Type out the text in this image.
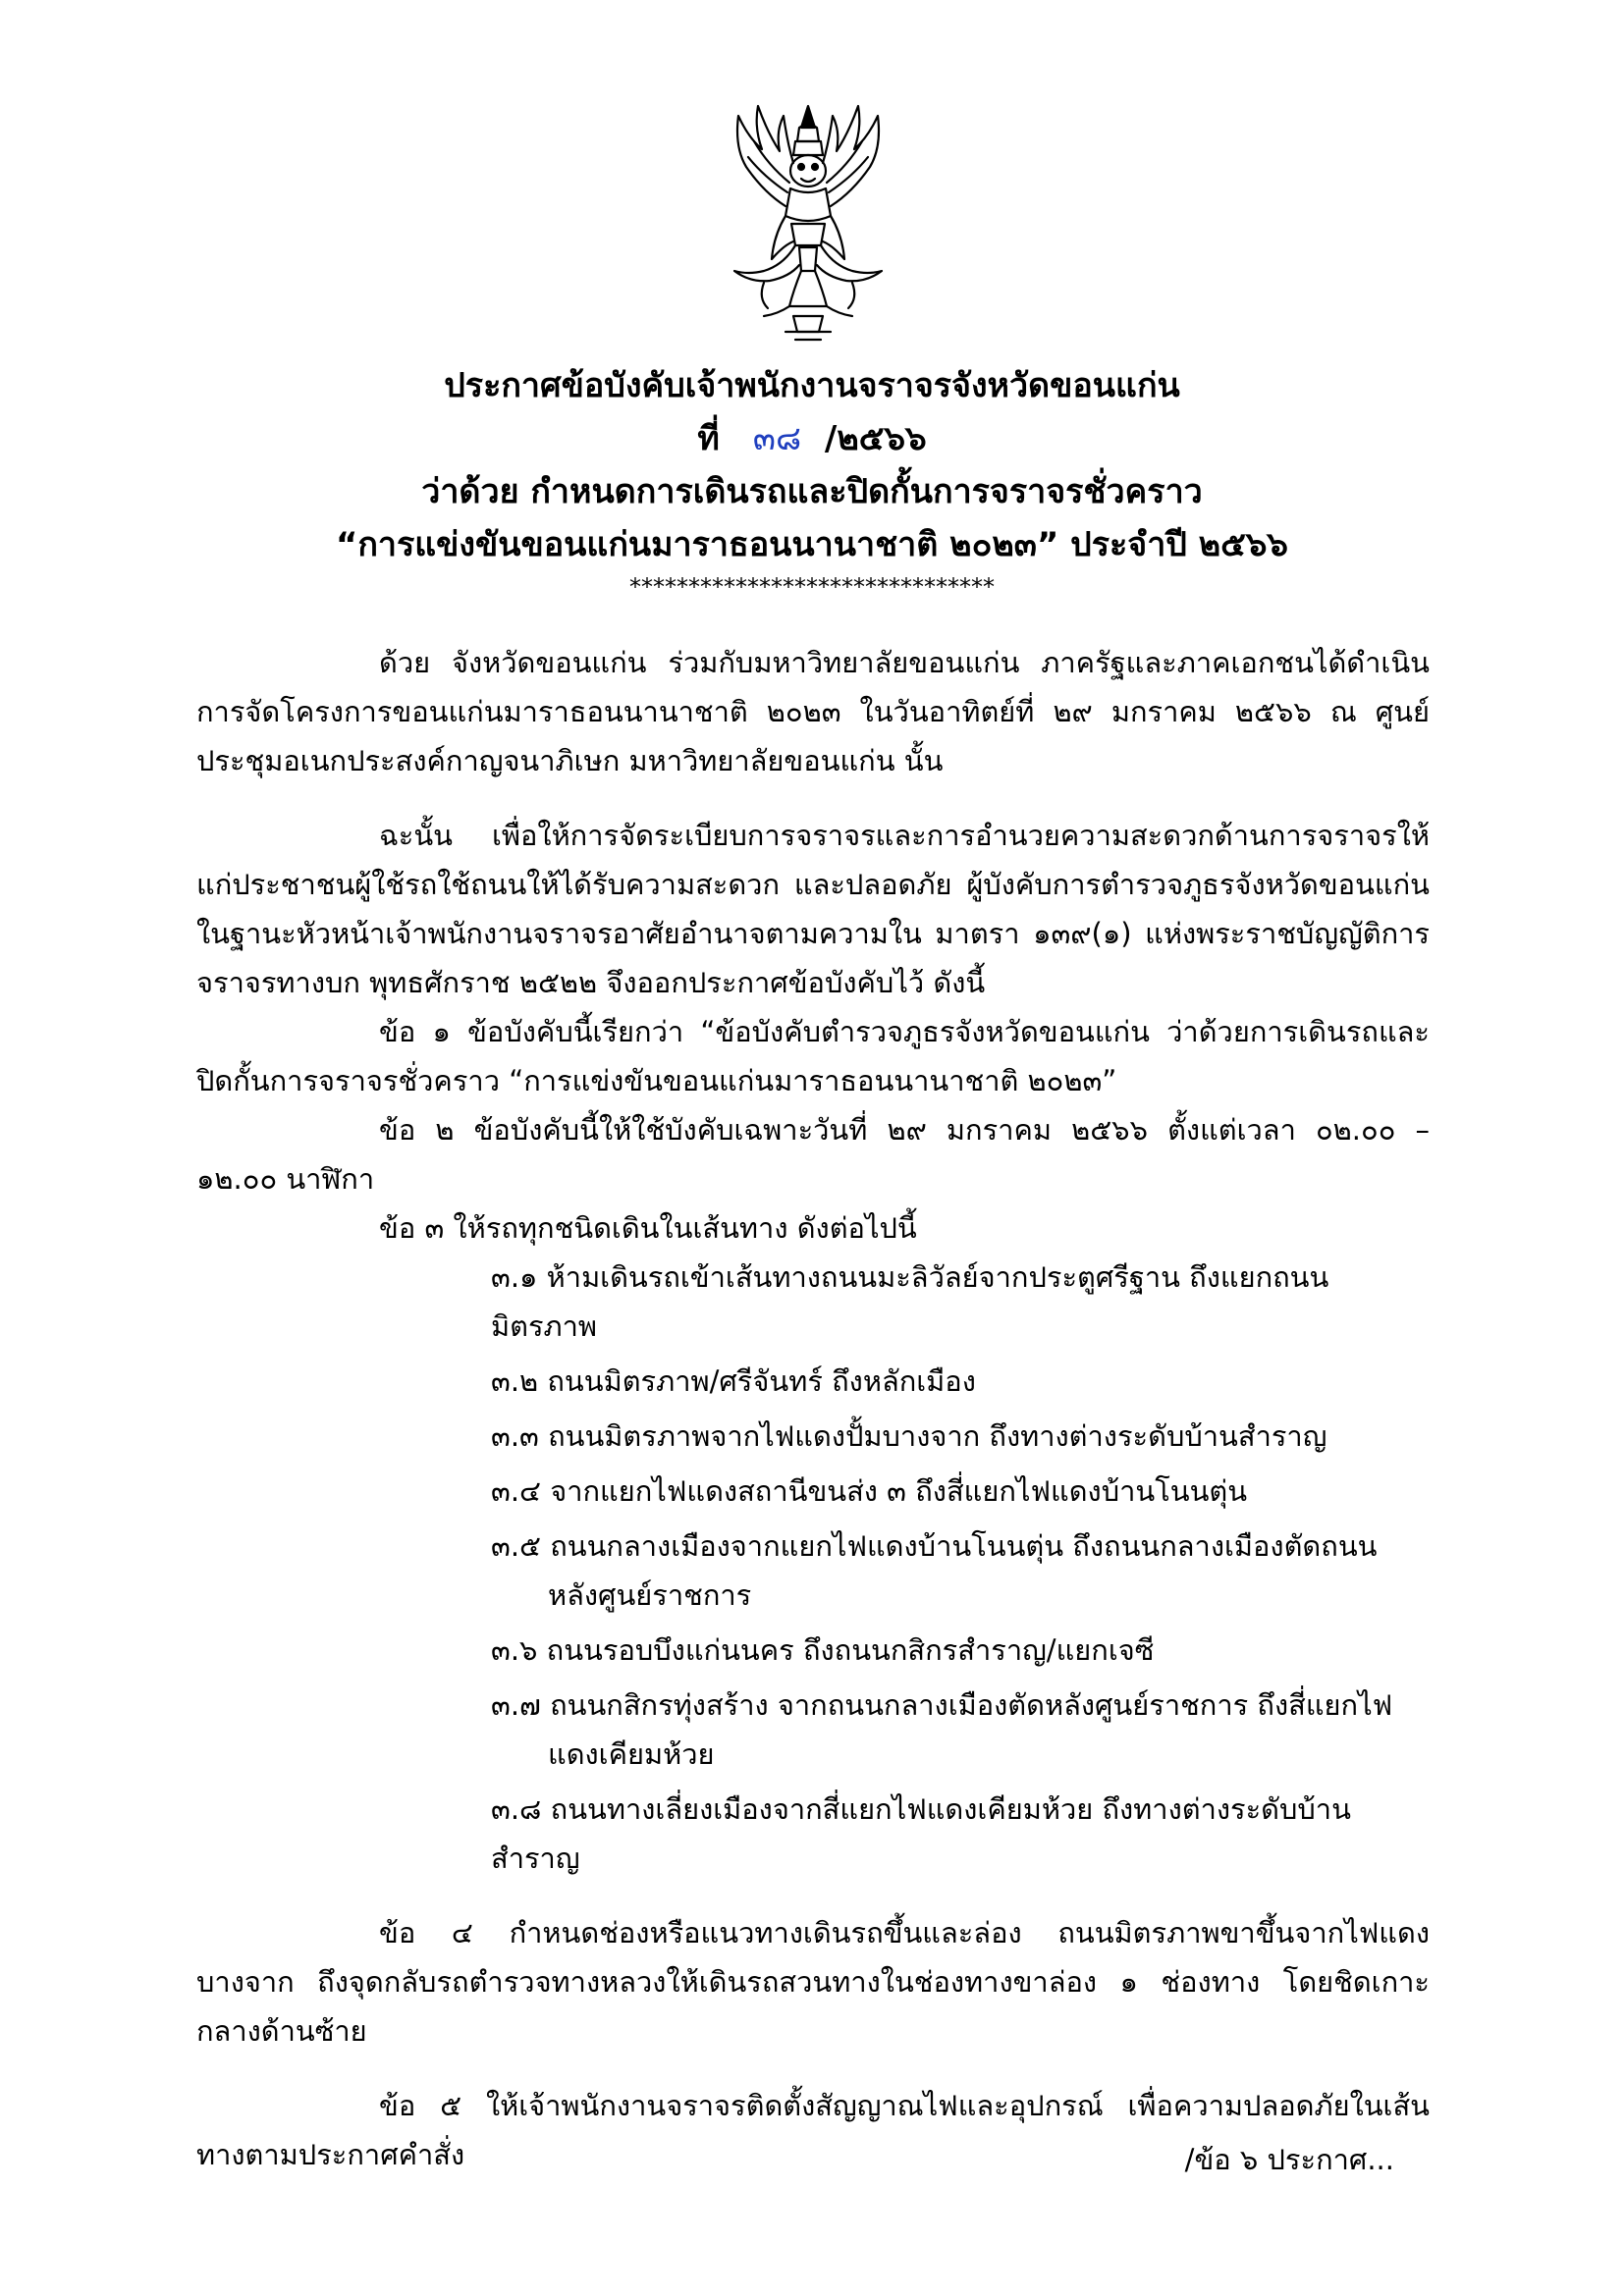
ประกาศข้อบังคับเจ้าพนักงานจราจรจังหวัดขอนแก่น
ที่ ๓๘ /๒๕๖๖
ว่าด้วย กำหนดการเดินรถและปิดกั้นการจราจรชั่วคราว
“การแข่งขันขอนแก่นมาราธอนนานาชาติ ๒๐๒๓” ประจำปี ๒๕๖๖
*******************************

ด้วย จังหวัดขอนแก่น ร่วมกับมหาวิทยาลัยขอนแก่น ภาครัฐและภาคเอกชนได้ดำเนินการจัดโครงการขอนแก่นมาราธอนนานาชาติ ๒๐๒๓ ในวันอาทิตย์ที่ ๒๙ มกราคม ๒๕๖๖ ณ ศูนย์ประชุมอเนกประสงค์กาญจนาภิเษก มหาวิทยาลัยขอนแก่น นั้น

ฉะนั้น เพื่อให้การจัดระเบียบการจราจรและการอำนวยความสะดวกด้านการจราจรให้แก่ประชาชนผู้ใช้รถใช้ถนนให้ได้รับความสะดวก และปลอดภัย ผู้บังคับการตำรวจภูธรจังหวัดขอนแก่นในฐานะหัวหน้าเจ้าพนักงานจราจรอาศัยอำนาจตามความใน มาตรา ๑๓๙(๑) แห่งพระราชบัญญัติการจราจรทางบก พุทธศักราช ๒๕๒๒ จึงออกประกาศข้อบังคับไว้ ดังนี้

ข้อ ๑ ข้อบังคับนี้เรียกว่า “ข้อบังคับตำรวจภูธรจังหวัดขอนแก่น ว่าด้วยการเดินรถและปิดกั้นการจราจรชั่วคราว “การแข่งขันขอนแก่นมาราธอนนานาชาติ ๒๐๒๓”

ข้อ ๒ ข้อบังคับนี้ให้ใช้บังคับเฉพาะวันที่ ๒๙ มกราคม ๒๕๖๖ ตั้งแต่เวลา ๐๒.๐๐ – ๑๒.๐๐ นาฬิกา

ข้อ ๓ ให้รถทุกชนิดเดินในเส้นทาง ดังต่อไปนี้

๓.๑ ห้ามเดินรถเข้าเส้นทางถนนมะลิวัลย์จากประตูศรีฐาน ถึงแยกถนนมิตรภาพ

๓.๒ ถนนมิตรภาพ/ศรีจันทร์ ถึงหลักเมือง

๓.๓ ถนนมิตรภาพจากไฟแดงปั้มบางจาก ถึงทางต่างระดับบ้านสำราญ

๓.๔ จากแยกไฟแดงสถานีขนส่ง ๓ ถึงสี่แยกไฟแดงบ้านโนนตุ่น

๓.๕ ถนนกลางเมืองจากแยกไฟแดงบ้านโนนตุ่น ถึงถนนกลางเมืองตัดถนน
หลังศูนย์ราชการ

๓.๖ ถนนรอบบึงแก่นนคร ถึงถนนกสิกรสำราญ/แยกเจซี

๓.๗ ถนนกสิกรทุ่งสร้าง จากถนนกลางเมืองตัดหลังศูนย์ราชการ ถึงสี่แยกไฟ
แดงเคียมห้วย

๓.๘ ถนนทางเลี่ยงเมืองจากสี่แยกไฟแดงเคียมห้วย ถึงทางต่างระดับบ้านสำราญ

ข้อ ๔ กำหนดช่องหรือแนวทางเดินรถขึ้นและล่อง ถนนมิตรภาพขาขึ้นจากไฟแดงบางจาก ถึงจุดกลับรถตำรวจทางหลวงให้เดินรถสวนทางในช่องทางขาล่อง ๑ ช่องทาง โดยชิดเกาะกลางด้านซ้าย

ข้อ ๕ ให้เจ้าพนักงานจราจรติดตั้งสัญญาณไฟและอุปกรณ์ เพื่อความปลอดภัยในเส้นทางตามประกาศคำสั่ง	/ข้อ ๖ ประกาศ...
